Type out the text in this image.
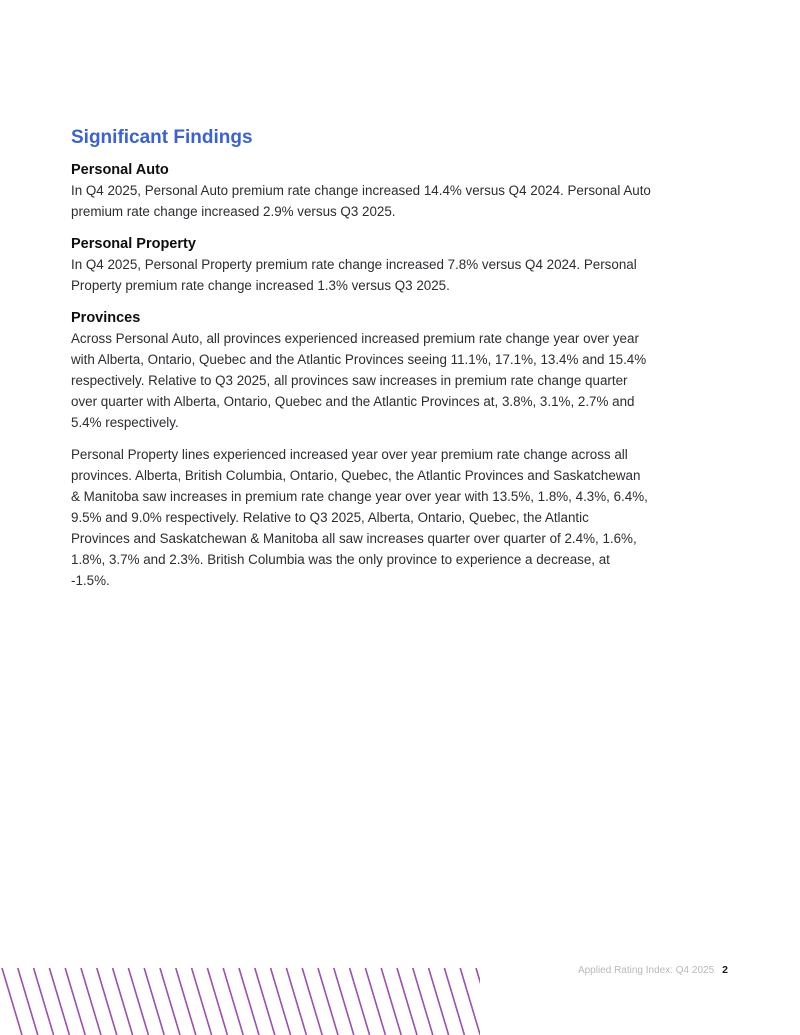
Significant Findings
Personal Auto

In Q4 2025, Personal Auto premium rate change increased 14.4% versus Q4 2024. Personal Auto premium rate change increased 2.9% versus Q3 2025.

Personal Property

In Q4 2025, Personal Property premium rate change increased 7.8% versus Q4 2024. Personal Property premium rate change increased 1.3% versus Q3 2025.

Provinces

Across Personal Auto, all provinces experienced increased premium rate change year over year with Alberta, Ontario, Quebec and the Atlantic Provinces seeing 11.1%, 17.1%, 13.4% and 15.4% respectively. Relative to Q3 2025, all provinces saw increases in premium rate change quarter over quarter with Alberta, Ontario, Quebec and the Atlantic Provinces at, 3.8%, 3.1%, 2.7% and 5.4% respectively.

Personal Property lines experienced increased year over year premium rate change across all provinces. Alberta, British Columbia, Ontario, Quebec, the Atlantic Provinces and Saskatchewan & Manitoba saw increases in premium rate change year over year with 13.5%, 1.8%, 4.3%, 6.4%, 9.5% and 9.0% respectively. Relative to Q3 2025, Alberta, Ontario, Quebec, the Atlantic Provinces and Saskatchewan & Manitoba all saw increases quarter over quarter of 2.4%, 1.6%, 1.8%, 3.7% and 2.3%. British Columbia was the only province to experience a decrease, at -1.5%.

Applied Rating Index: Q4 2025 2
